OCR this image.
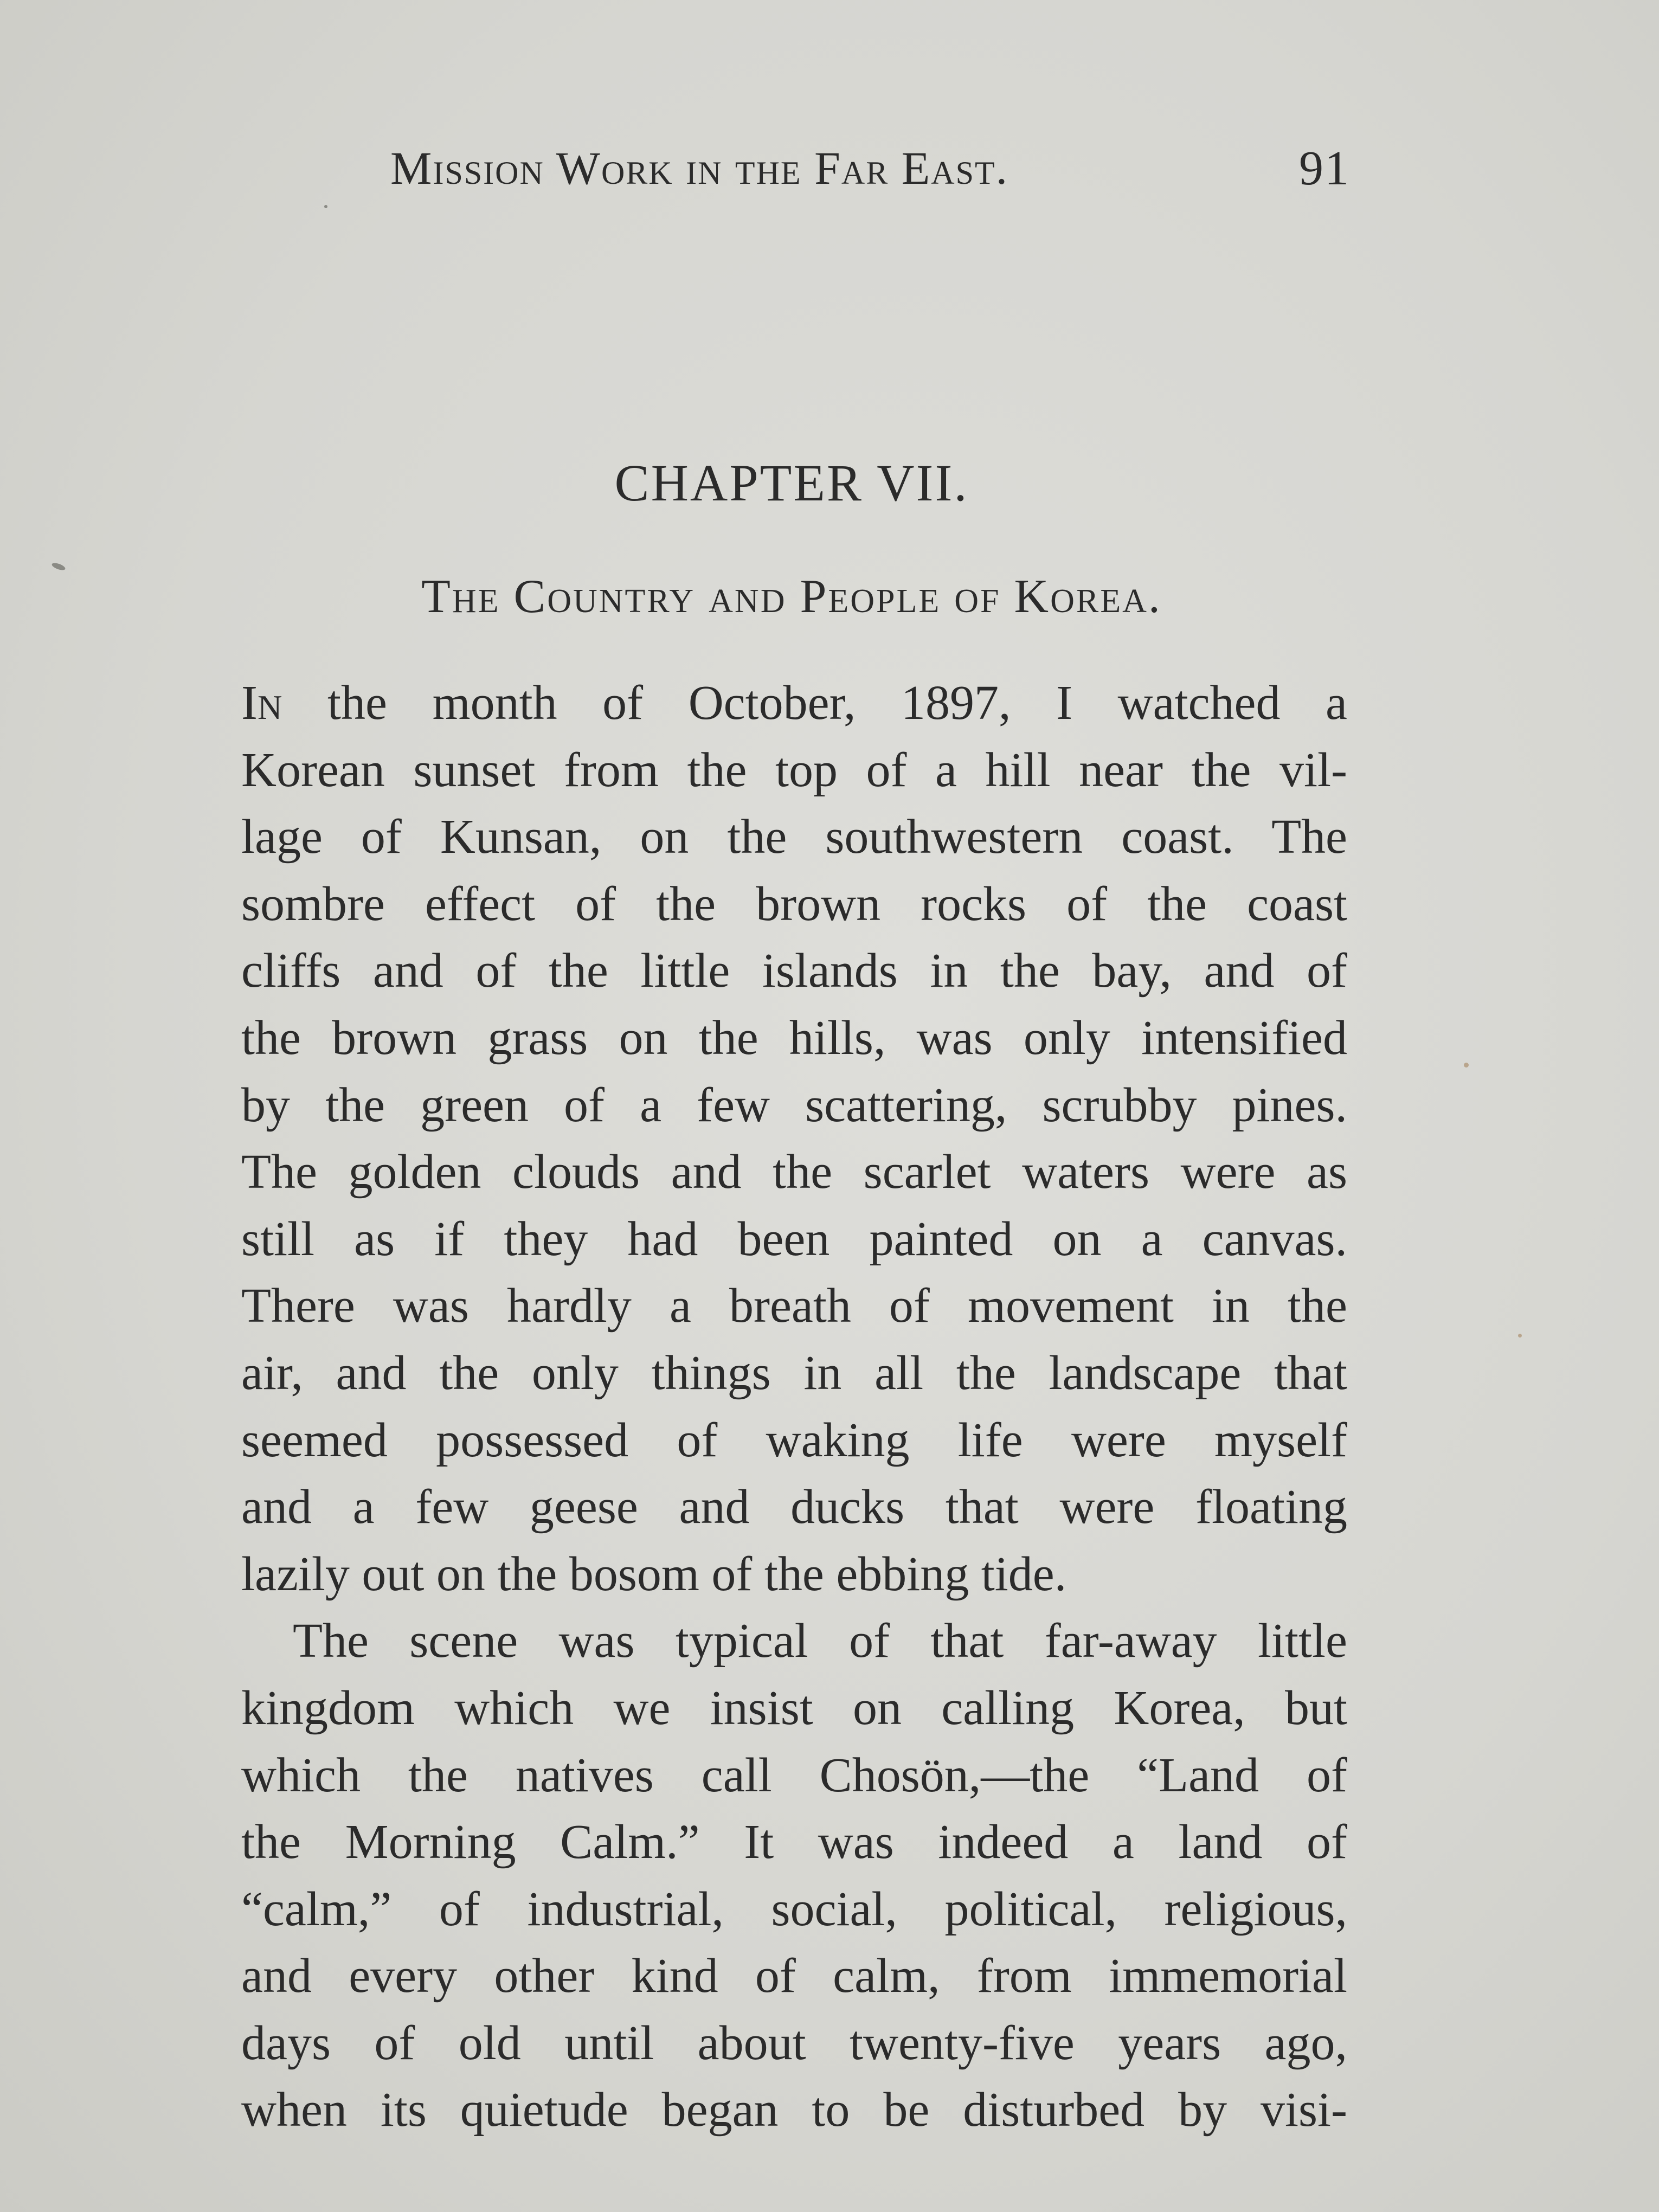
Mission Work in the Far East.	91
CHAPTER VII.
The Country and People of Korea.
In the month of October, 1897, I watched a
Korean sunset from the top of a hill near the vil-
lage of Kunsan, on the southwestern coast. The
sombre effect of the brown rocks of the coast
cliffs and of the little islands in the bay, and of
the brown grass on the hills, was only intensified
by the green of a few scattering, scrubby pines.
The golden clouds and the scarlet waters were as
still as if they had been painted on a canvas.
There was hardly a breath of movement in the
air, and the only things in all the landscape that
seemed possessed of waking life were myself
and a few geese and ducks that were floating
lazily out on the bosom of the ebbing tide.
The scene was typical of that far-away little
kingdom which we insist on calling Korea, but
which the natives call Chosön,—the “Land of
the Morning Calm.” It was indeed a land of
“calm,” of industrial, social, political, religious,
and every other kind of calm, from immemorial
days of old until about twenty-five years ago,
when its quietude began to be disturbed by visi-
